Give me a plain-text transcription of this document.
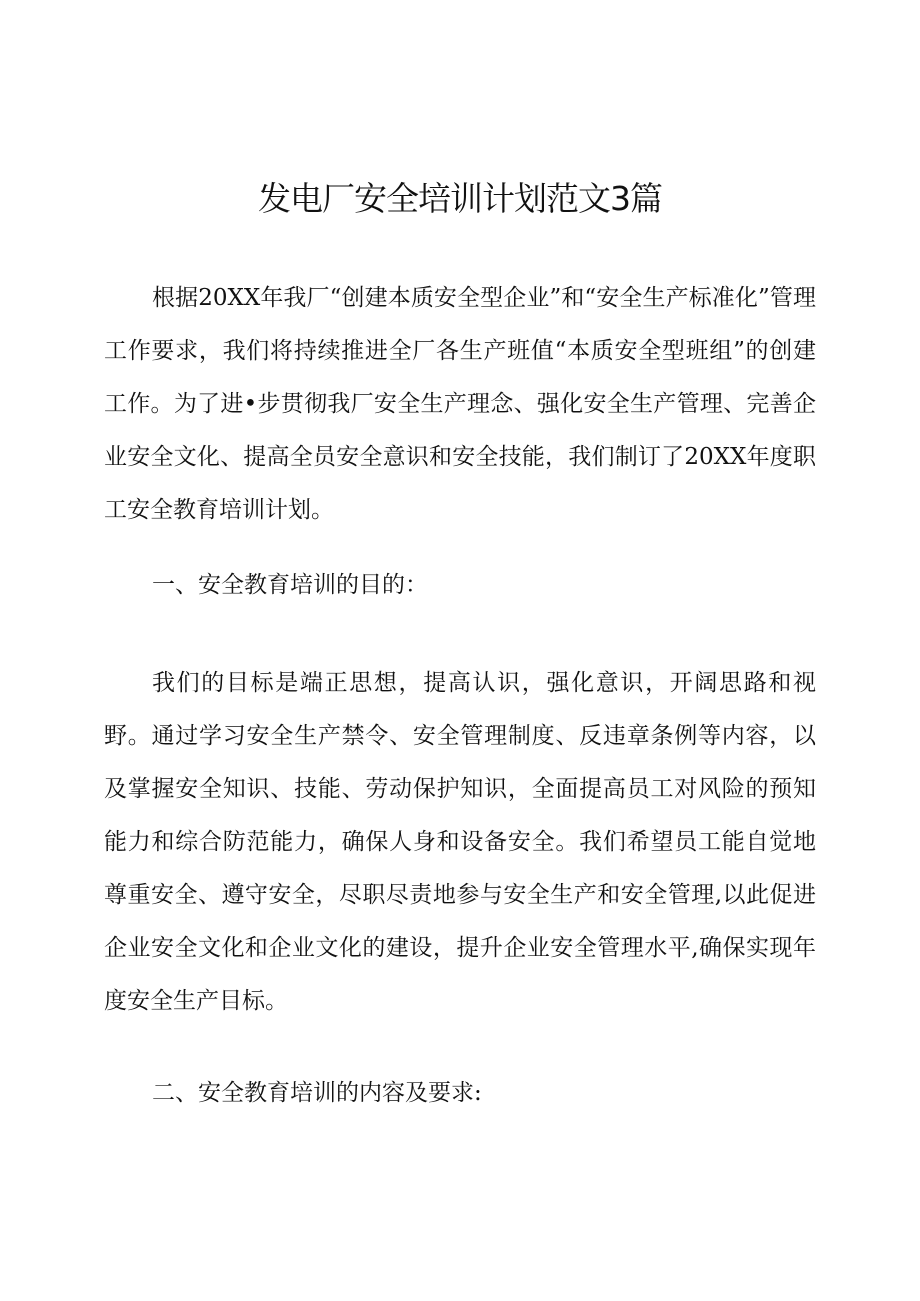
发电厂安全培训计划范文3篇

根据20XX年我厂“创建本质安全型企业”和“安全生产标准化”管理工作要求，我们将持续推进全厂各生产班值“本质安全型班组”的创建工作。为了进•步贯彻我厂安全生产理念、强化安全生产管理、完善企业安全文化、提高全员安全意识和安全技能，我们制订了20XX年度职工安全教育培训计划。

一、安全教育培训的目的：

我们的目标是端正思想，提高认识，强化意识，开阔思路和视野。通过学习安全生产禁令、安全管理制度、反违章条例等内容，以及掌握安全知识、技能、劳动保护知识，全面提高员工对风险的预知能力和综合防范能力，确保人身和设备安全。我们希望员工能自觉地尊重安全、遵守安全，尽职尽责地参与安全生产和安全管理,以此促进企业安全文化和企业文化的建设，提升企业安全管理水平,确保实现年度安全生产目标。

二、安全教育培训的内容及要求:
